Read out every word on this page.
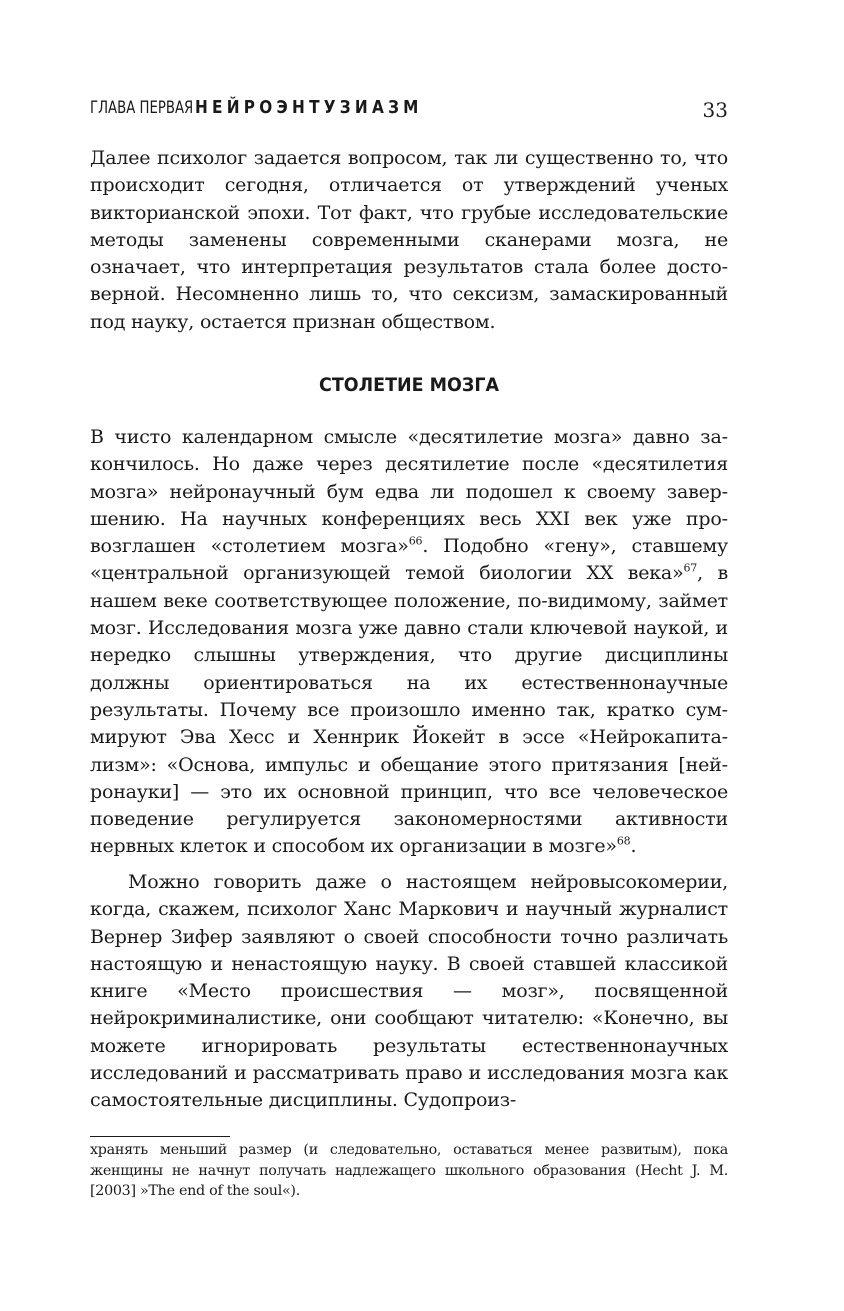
ГЛАВА ПЕРВАЯ НЕЙРОЭНТУЗИАЗМ	33

Далее психолог задается вопросом, так ли существенно то, что происходит сегодня, отличается от утверждений ученых викторианской эпохи. Тот факт, что грубые исследовательские методы заменены современными сканерами мозга, не означает, что интерпретация результатов стала более достоверной. Несомненно лишь то, что сексизм, замаскированный под науку, остается признан обществом.

СТОЛЕТИЕ МОЗГА

В чисто календарном смысле «десятилетие мозга» давно закончилось. Но даже через десятилетие после «десятилетия мозга» нейронаучный бум едва ли подошел к своему завершению. На научных конференциях весь XXI век уже провозглашен «столетием мозга»$^{66}$. Подобно «гену», ставшему «центральной организующей темой биологии XX века»$^{67}$, в нашем веке соответствующее положение, по-видимому, займет мозг. Исследования мозга уже давно стали ключевой наукой, и нередко слышны утверждения, что другие дисциплины должны ориентироваться на их естественнонаучные результаты. Почему все произошло именно так, кратко суммируют Эва Хесс и Хеннрик Йокейт в эссе «Нейрокапитализм»: «Основа, импульс и обещание этого притязания [нейронауки] — это их основной принцип, что все человеческое поведение регулируется закономерностями активности нервных клеток и способом их организации в мозге»$^{68}$.

Можно говорить даже о настоящем нейровысокомерии, когда, скажем, психолог Ханс Маркович и научный журналист Вернер Зифер заявляют о своей способности точно различать настоящую и ненастоящую науку. В своей ставшей классикой книге «Место происшествия — мозг», посвященной нейрокриминалистике, они сообщают читателю: «Конечно, вы можете игнорировать результаты естественнонаучных исследований и рассматривать право и исследования мозга как самостоятельные дисциплины. Судопроиз-

хранять меньший размер (и следовательно, оставаться менее развитым), пока женщины не начнут получать надлежащего школьного образования (Hecht J. M. [2003] »The end of the soul«).
